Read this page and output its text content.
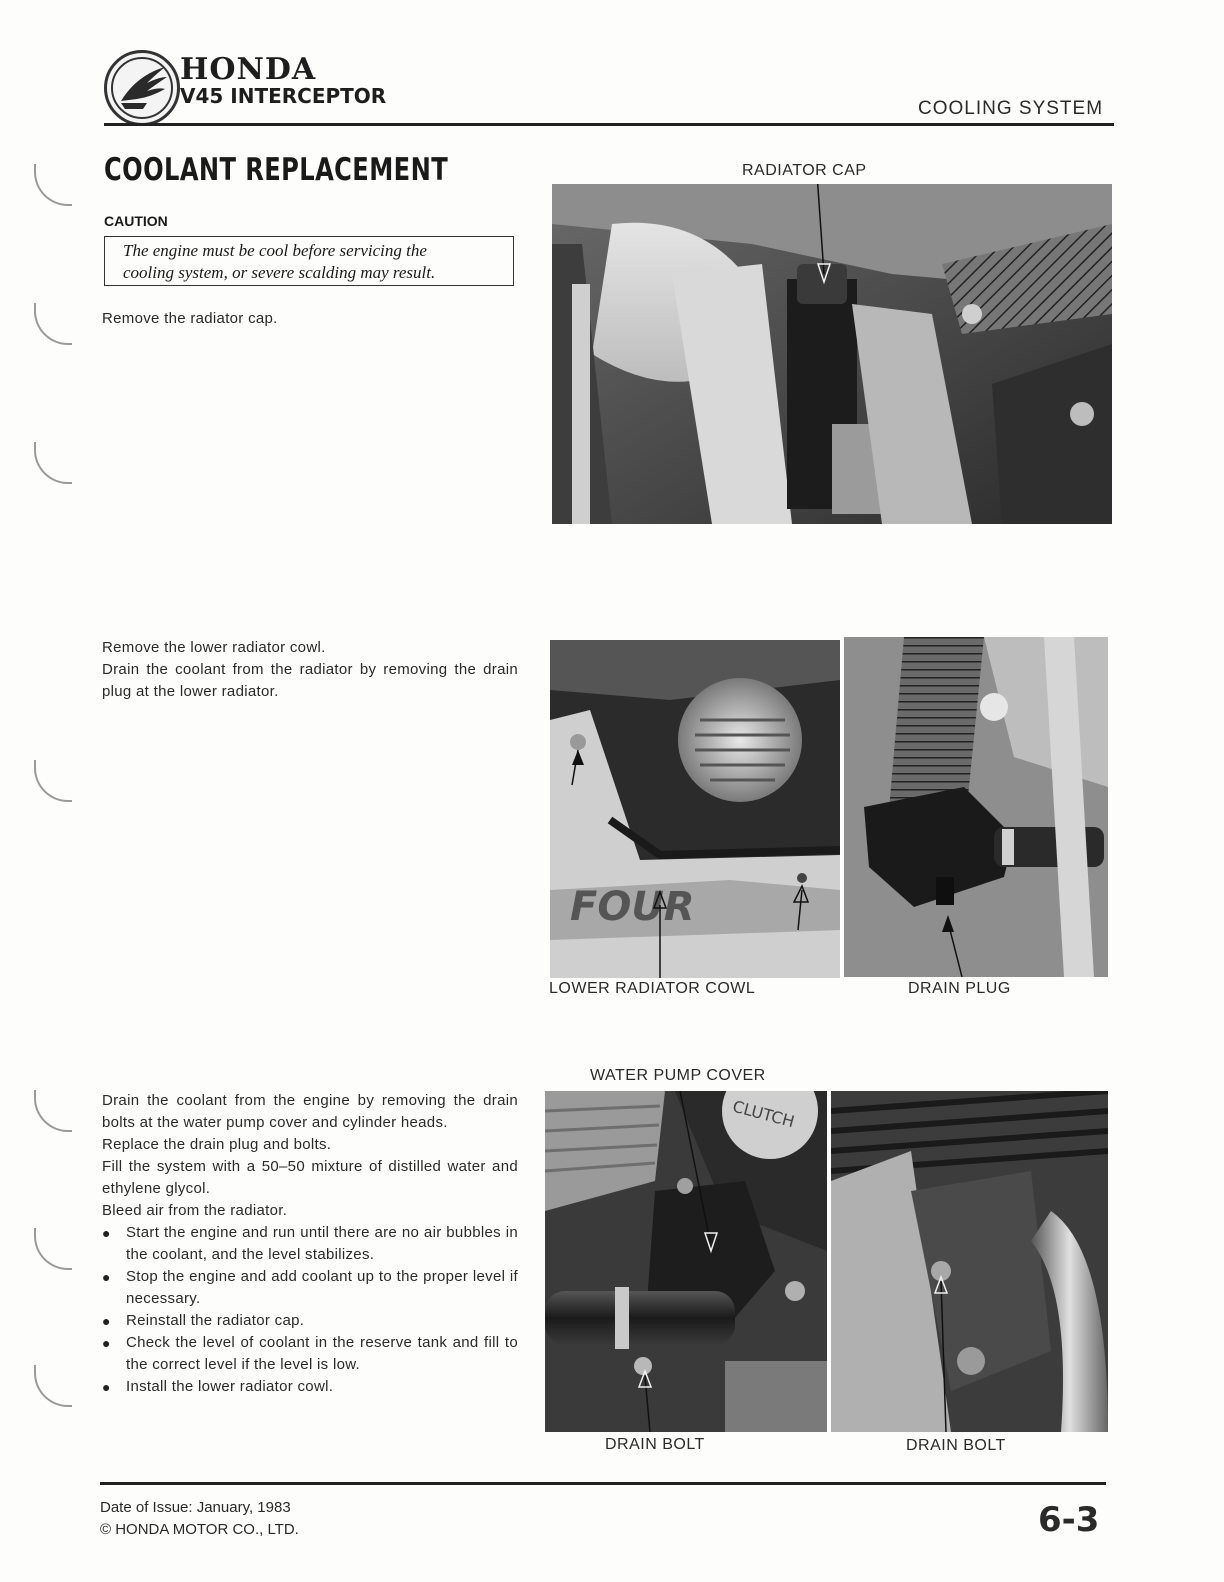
HONDA
V45 INTERCEPTOR
COOLING SYSTEM
COOLANT REPLACEMENT
CAUTION
The engine must be cool before servicing the
cooling system, or severe scalding may result.
Remove the radiator cap.
RADIATOR CAP

Remove the lower radiator cowl.

Drain the coolant from the radiator by removing the drain plug at the lower radiator.

FOUR
LOWER RADIATOR COWL	DRAIN PLUG

Drain the coolant from the engine by removing the drain bolts at the water pump cover and cylinder heads.

Replace the drain plug and bolts.

Fill the system with a 50–50 mixture of distilled water and ethylene glycol.

Bleed air from the radiator.

● Start the engine and run until there are no air bubbles in the coolant, and the level stabilizes.
● Stop the engine and add coolant up to the proper level if necessary.
● Reinstall the radiator cap.
● Check the level of coolant in the reserve tank and fill to the correct level if the level is low.
● Install the lower radiator cowl.
WATER PUMP COVER
CLUTCH
DRAIN BOLT	DRAIN BOLT
Date of Issue: January, 1983
© HONDA MOTOR CO., LTD.	6-3
